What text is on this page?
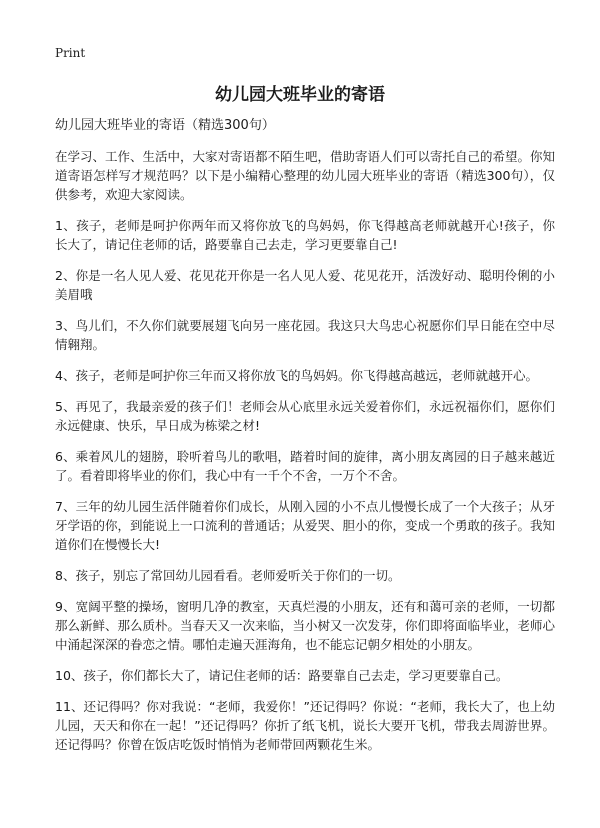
Print
幼儿园大班毕业的寄语

幼儿园大班毕业的寄语（精选300句）

在学习、工作、生活中，大家对寄语都不陌生吧，借助寄语人们可以寄托自己的希望。你知道寄语怎样写才规范吗？以下是小编精心整理的幼儿园大班毕业的寄语（精选300句），仅供参考，欢迎大家阅读。

1、孩子，老师是呵护你两年而又将你放飞的鸟妈妈，你飞得越高老师就越开心!孩子，你长大了，请记住老师的话，路要靠自己去走，学习更要靠自己!

2、你是一名人见人爱、花见花开你是一名人见人爱、花见花开，活泼好动、聪明伶俐的小美眉哦

3、鸟儿们，不久你们就要展翅飞向另一座花园。我这只大鸟忠心祝愿你们早日能在空中尽情翱翔。

4、孩子，老师是呵护你三年而又将你放飞的鸟妈妈。你飞得越高越远，老师就越开心。

5、再见了，我最亲爱的孩子们！老师会从心底里永远关爱着你们，永远祝福你们，愿你们永远健康、快乐，早日成为栋梁之材!

6、乘着风儿的翅膀，聆听着鸟儿的歌唱，踏着时间的旋律，离小朋友离园的日子越来越近了。看着即将毕业的你们，我心中有一千个不舍，一万个不舍。

7、三年的幼儿园生活伴随着你们成长，从刚入园的小不点儿慢慢长成了一个大孩子；从牙牙学语的你，到能说上一口流利的普通话；从爱哭、胆小的你，变成一个勇敢的孩子。我知道你们在慢慢长大!

8、孩子，别忘了常回幼儿园看看。老师爱听关于你们的一切。

9、宽阔平整的操场，窗明几净的教室，天真烂漫的小朋友，还有和蔼可亲的老师，一切都那么新鲜、那么质朴。当春天又一次来临，当小树又一次发芽，你们即将面临毕业，老师心中涌起深深的眷恋之情。哪怕走遍天涯海角，也不能忘记朝夕相处的小朋友。

10、孩子，你们都长大了，请记住老师的话：路要靠自己去走，学习更要靠自己。

11、还记得吗？你对我说：“老师，我爱你！”还记得吗？你说：“老师，我长大了，也上幼儿园，天天和你在一起！”还记得吗？你折了纸飞机，说长大要开飞机，带我去周游世界。还记得吗？你曾在饭店吃饭时悄悄为老师带回两颗花生米。
